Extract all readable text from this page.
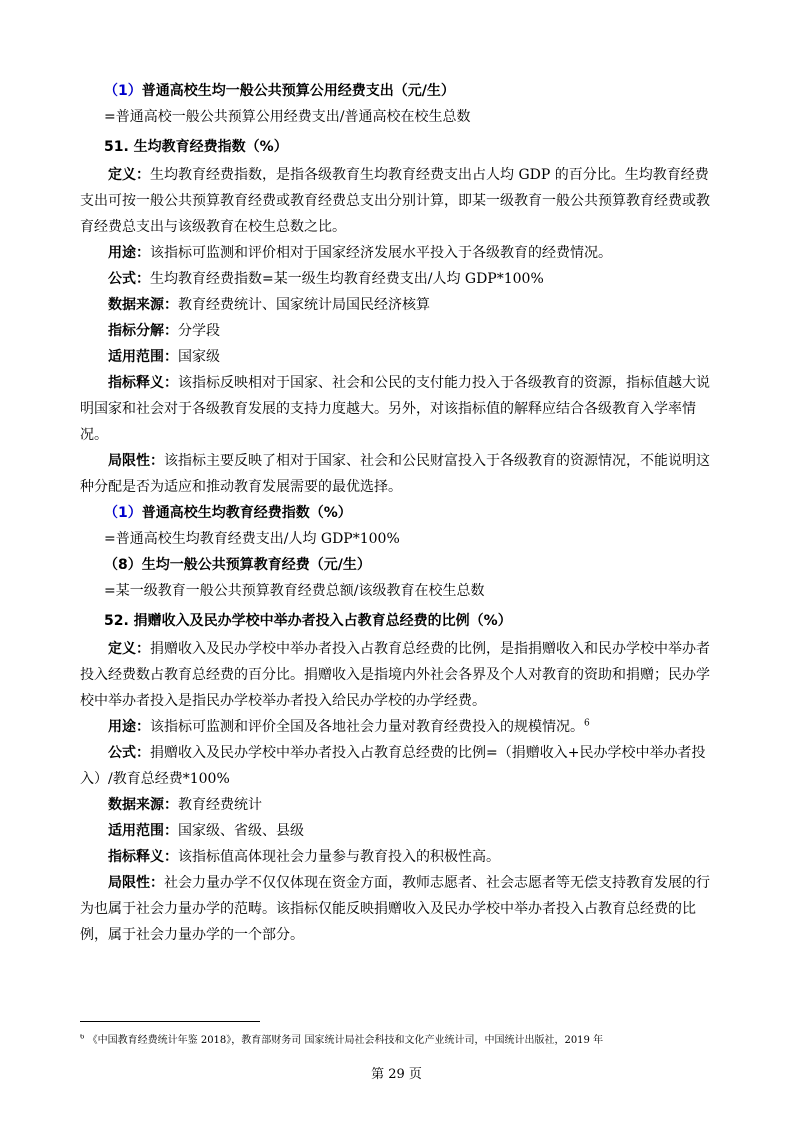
（1）普通高校生均一般公共预算公用经费支出（元/生）

=普通高校一般公共预算公用经费支出/普通高校在校生总数

51. 生均教育经费指数（%）

定义：生均教育经费指数，是指各级教育生均教育经费支出占人均 GDP 的百分比。生均教育经费支出可按一般公共预算教育经费或教育经费总支出分别计算，即某一级教育一般公共预算教育经费或教育经费总支出与该级教育在校生总数之比。

用途：该指标可监测和评价相对于国家经济发展水平投入于各级教育的经费情况。

公式：生均教育经费指数=某一级生均教育经费支出/人均 GDP*100%

数据来源：教育经费统计、国家统计局国民经济核算

指标分解：分学段

适用范围：国家级

指标释义：该指标反映相对于国家、社会和公民的支付能力投入于各级教育的资源，指标值越大说明国家和社会对于各级教育发展的支持力度越大。另外，对该指标值的解释应结合各级教育入学率情况。

局限性：该指标主要反映了相对于国家、社会和公民财富投入于各级教育的资源情况，不能说明这种分配是否为适应和推动教育发展需要的最优选择。

（1）普通高校生均教育经费指数（%）

=普通高校生均教育经费支出/人均 GDP*100%

（8）生均一般公共预算教育经费（元/生）

=某一级教育一般公共预算教育经费总额/该级教育在校生总数

52. 捐赠收入及民办学校中举办者投入占教育总经费的比例（%）

定义：捐赠收入及民办学校中举办者投入占教育总经费的比例，是指捐赠收入和民办学校中举办者投入经费数占教育总经费的百分比。捐赠收入是指境内外社会各界及个人对教育的资助和捐赠；民办学校中举办者投入是指民办学校举办者投入给民办学校的办学经费。

用途：该指标可监测和评价全国及各地社会力量对教育经费投入的规模情况。$^6$

公式：捐赠收入及民办学校中举办者投入占教育总经费的比例=（捐赠收入+民办学校中举办者投入）/教育总经费*100%

数据来源：教育经费统计

适用范围：国家级、省级、县级

指标释义：该指标值高体现社会力量参与教育投入的积极性高。

局限性：社会力量办学不仅仅体现在资金方面，教师志愿者、社会志愿者等无偿支持教育发展的行为也属于社会力量办学的范畴。该指标仅能反映捐赠收入及民办学校中举办者投入占教育总经费的比例，属于社会力量办学的一个部分。

$^6$ 《中国教育经费统计年鉴 2018》，教育部财务司 国家统计局社会科技和文化产业统计司，中国统计出版社，2019 年
第 29 页
